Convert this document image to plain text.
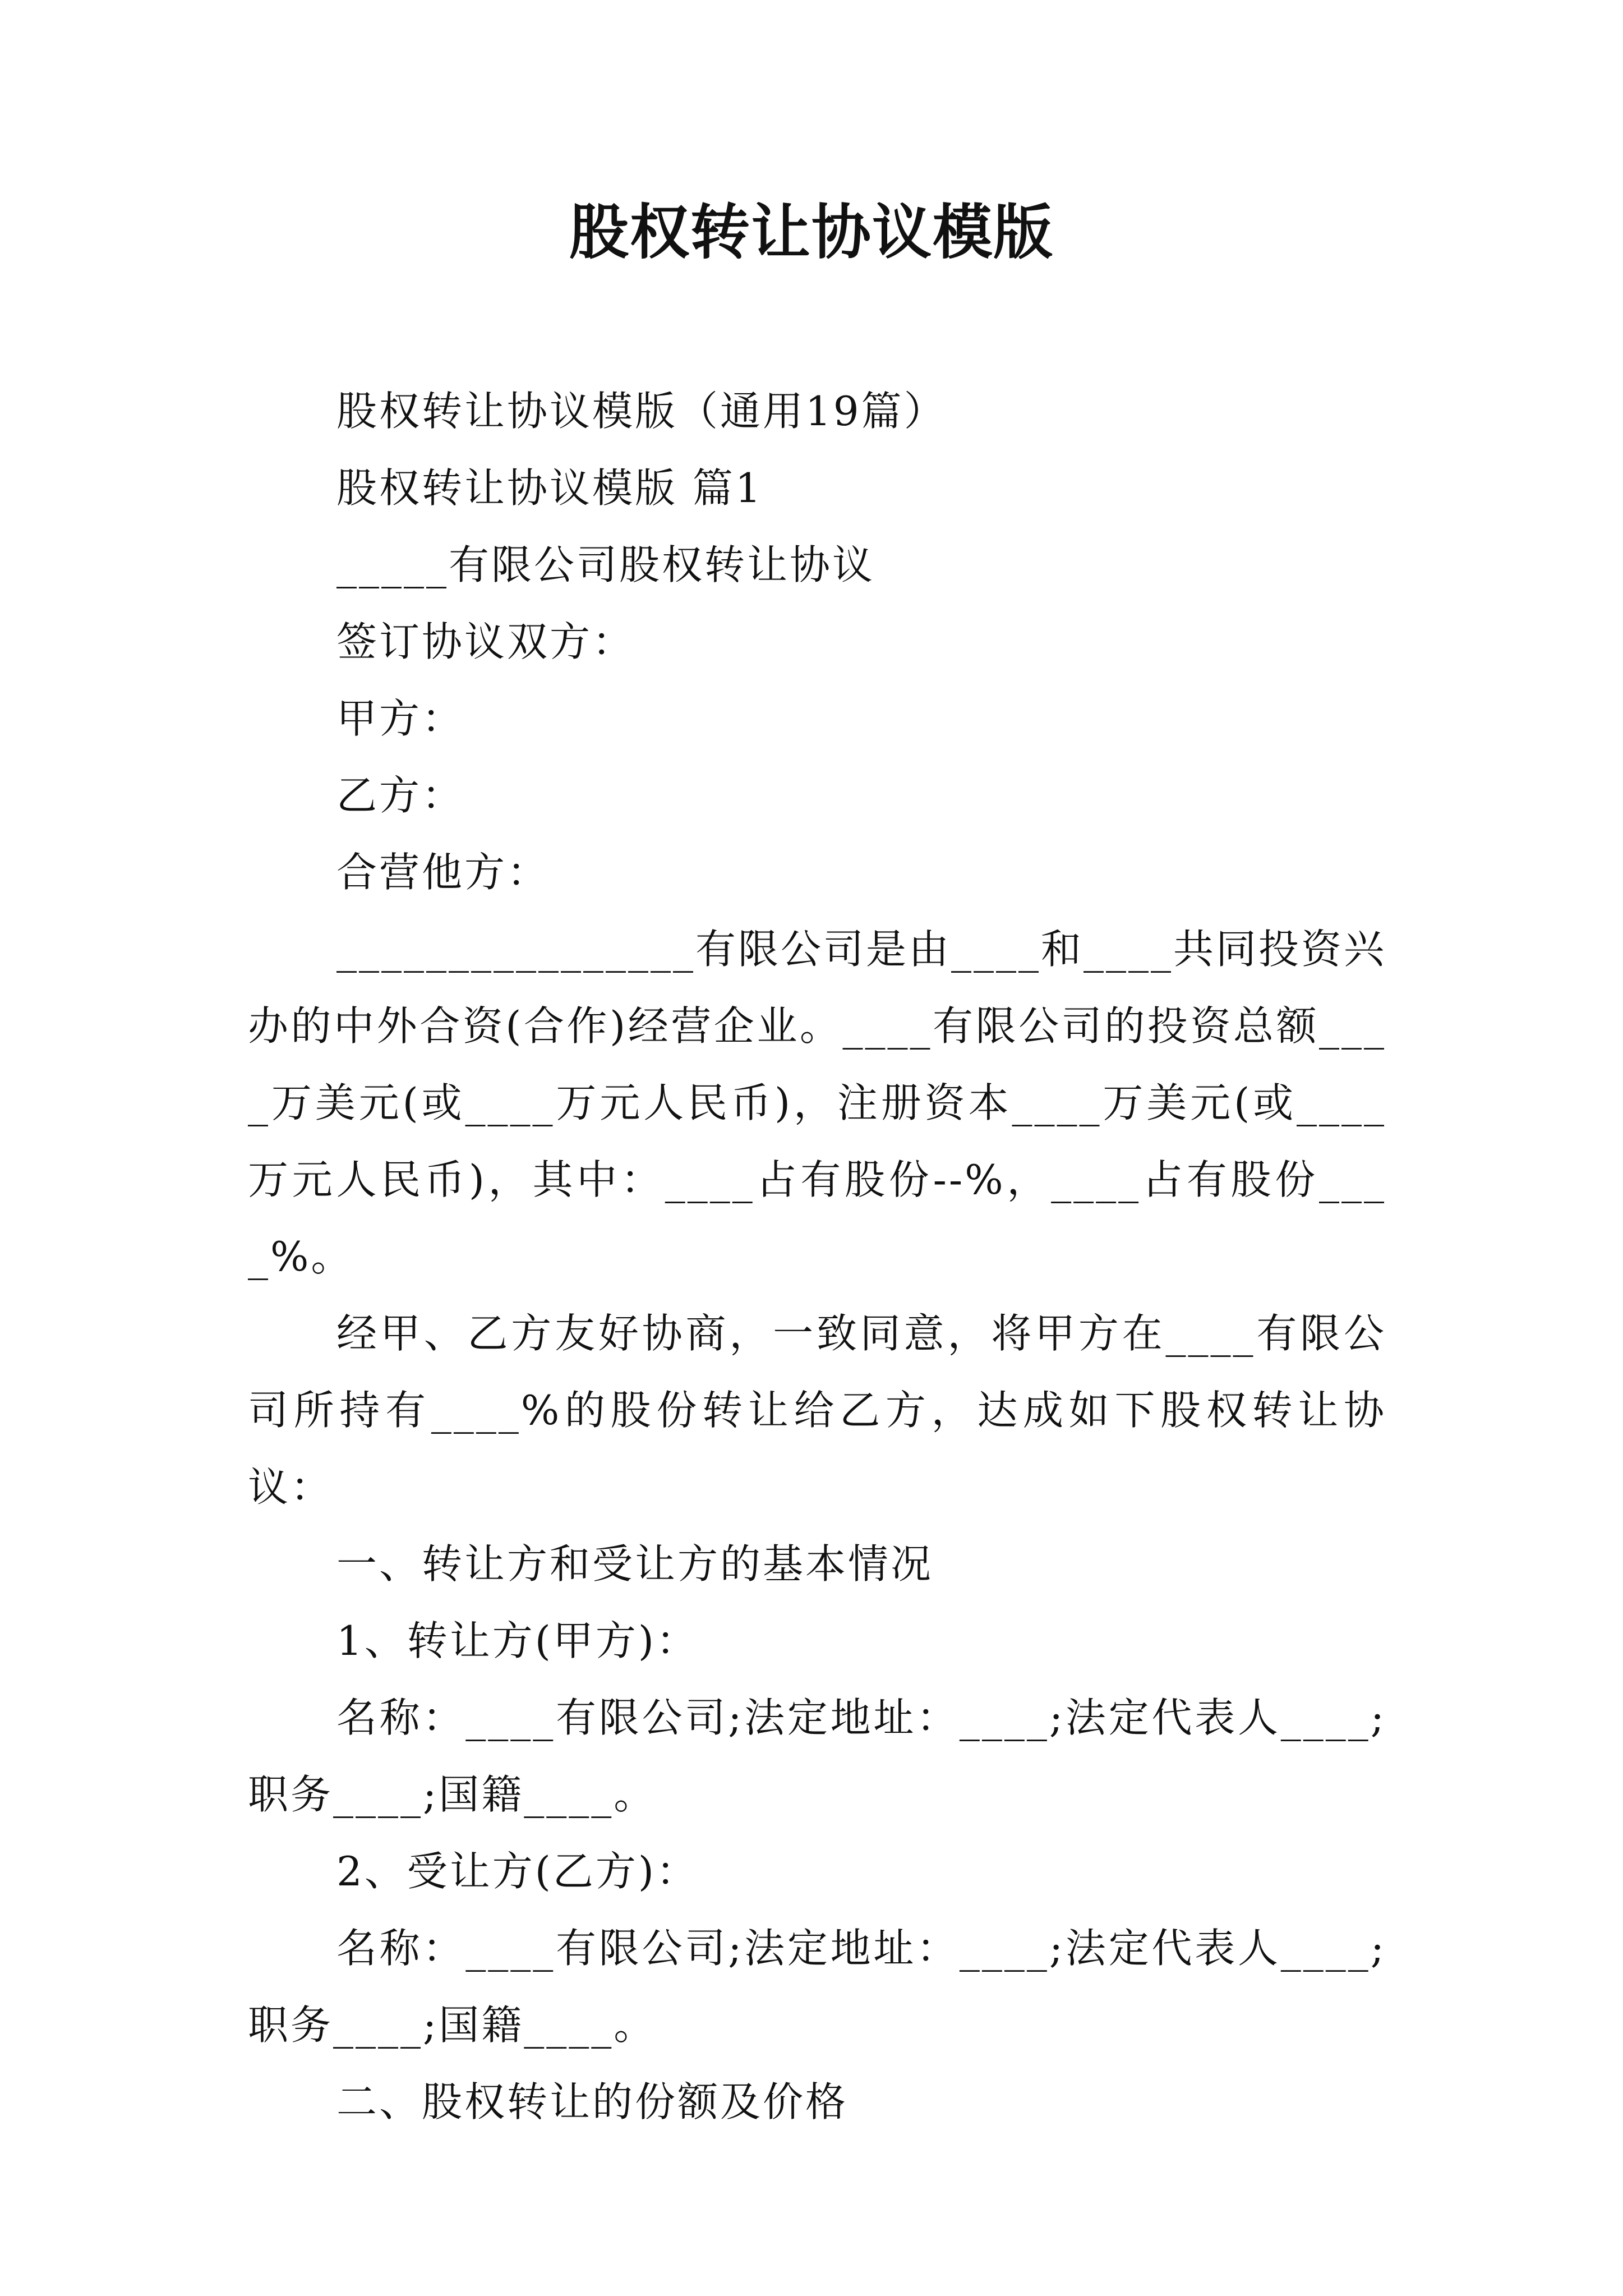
股权转让协议模版

股权转让协议模版（通用19篇）

股权转让协议模版 篇1

_____有限公司股权转让协议

签订协议双方：

甲方：

乙方：

合营他方：

________________有限公司是由____和____共同投资兴办的中外合资(合作)经营企业。____有限公司的投资总额____万美元(或____万元人民币)，注册资本____万美元(或____万元人民币)，其中：____占有股份--%，____占有股份____%。

经甲、乙方友好协商，一致同意，将甲方在____有限公司所持有____%的股份转让给乙方，达成如下股权转让协议：

一、转让方和受让方的基本情况

1、转让方(甲方)：

名称：____有限公司;法定地址：____;法定代表人____;职务____;国籍____。

2、受让方(乙方)：

名称：____有限公司;法定地址：____;法定代表人____;职务____;国籍____。

二、股权转让的份额及价格
